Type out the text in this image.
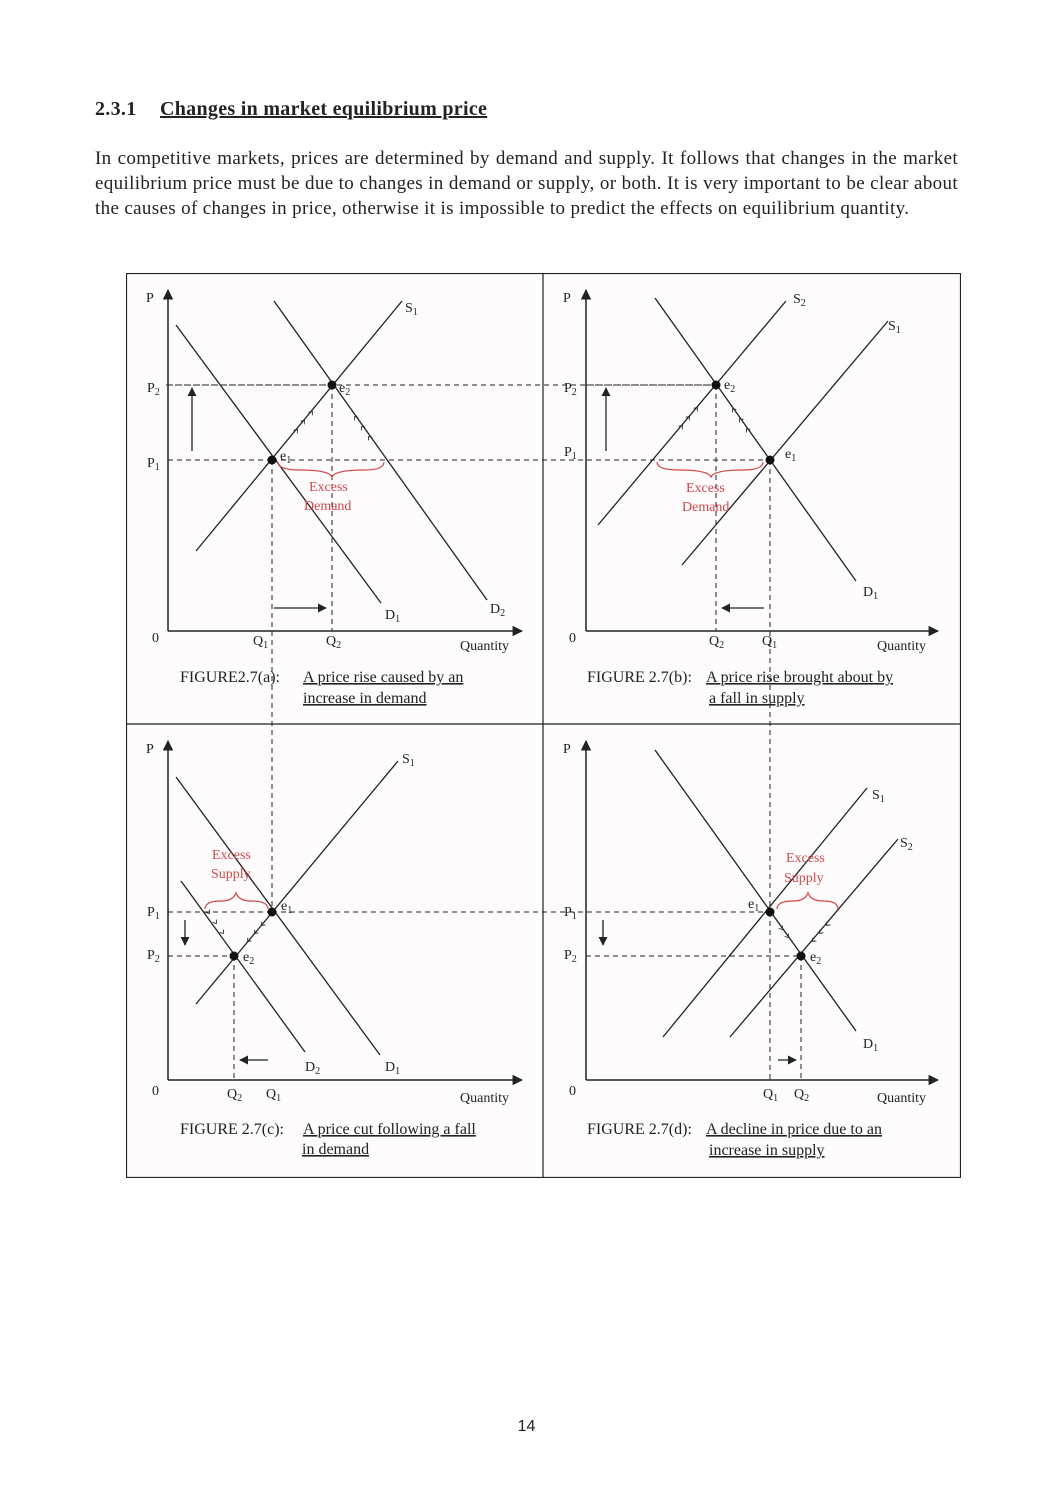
2.3.1 Changes in market equilibrium price
In competitive markets, prices are determined by demand and supply. It follows that changes in the market equilibrium price must be due to changes in demand or supply, or both. It is very important to be clear about the causes of changes in price, otherwise it is impossible to predict the effects on equilibrium quantity.
P
0
Quantity
$S_1$
$D_1$
$D_2$
$P_2$
$P_1$
$Q_1$	$Q_2$
$e_1$
$e_2$
Excess
Demand
FIGURE2.7(a): A price rise caused by an
increase in demand
P
0
Quantity
$S_2$
$S_1$
$D_1$
$P_2$
$P_1$
$Q_2$	$Q_1$
$e_2$
$e_1$
Excess
Demand
FIGURE 2.7(b): A price rise brought about by
a fall in supply
P
0	Quantity
$S_1$
$D_1$
$D_2$
$P_1$
$P_2$
$Q_2$ $Q_1$
$e_1$
$e_2$
Excess
Supply
FIGURE 2.7(c): A price cut following a fall
in demand
P
0	Quantity
$S_1$
$S_2$
$D_1$
$P_1$
$P_2$
$Q_1$ $Q_2$
$e_1$
$e_2$
Excess
Supply
FIGURE 2.7(d): A decline in price due to an
increase in supply
14
